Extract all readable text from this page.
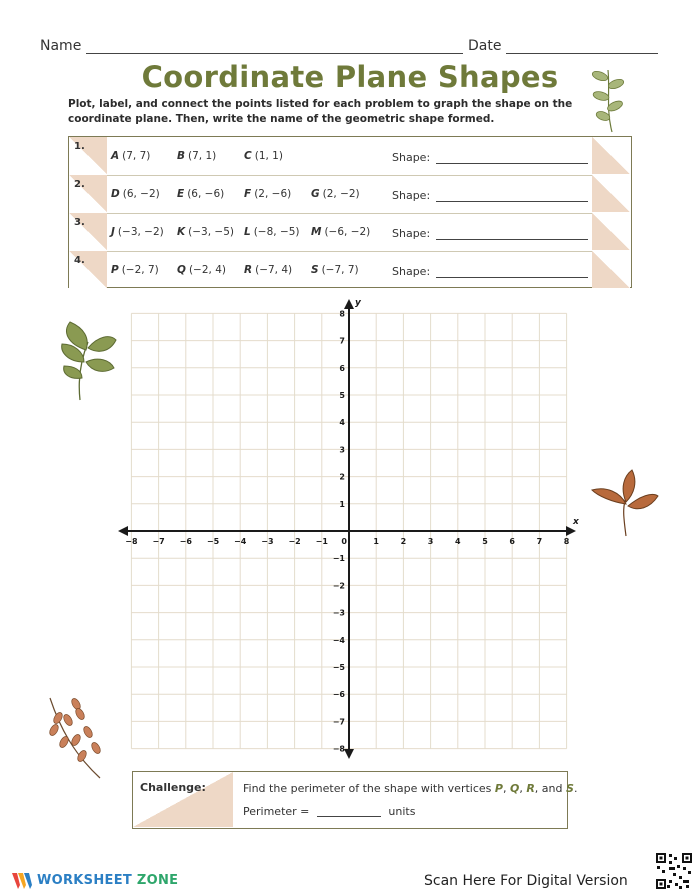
Name	Date
Coordinate Plane Shapes
Plot, label, and connect the points listed for each problem to graph the shape on the coordinate plane. Then, write the name of the geometric shape formed.
1.
A (7, 7)	B (7, 1)	C (1, 1)	Shape:
2.
D (6, −2) E (6, −6) F (2, −6) G (2, −2)	Shape:
3.
J (−3, −2) K (−3, −5) L (−8, −5) M (−6, −2) Shape:
4.
P (−2, 7) Q (−2, 4) R (−7, 4) S (−7, 7)	Shape:
x
y
−8 −7 −6 −5 −4 −3 −2 −1 0	1	2	3	4	5	6	7	8
8
7
6
5
4
3
2
1
−1
−2
−3
−4
−5
−6
−7
−8
Challenge:	Find the perimeter of the shape with vertices P, Q, R, and S.
Perimeter =	units
WORKSHEET ZONE	Scan Here For Digital Version
